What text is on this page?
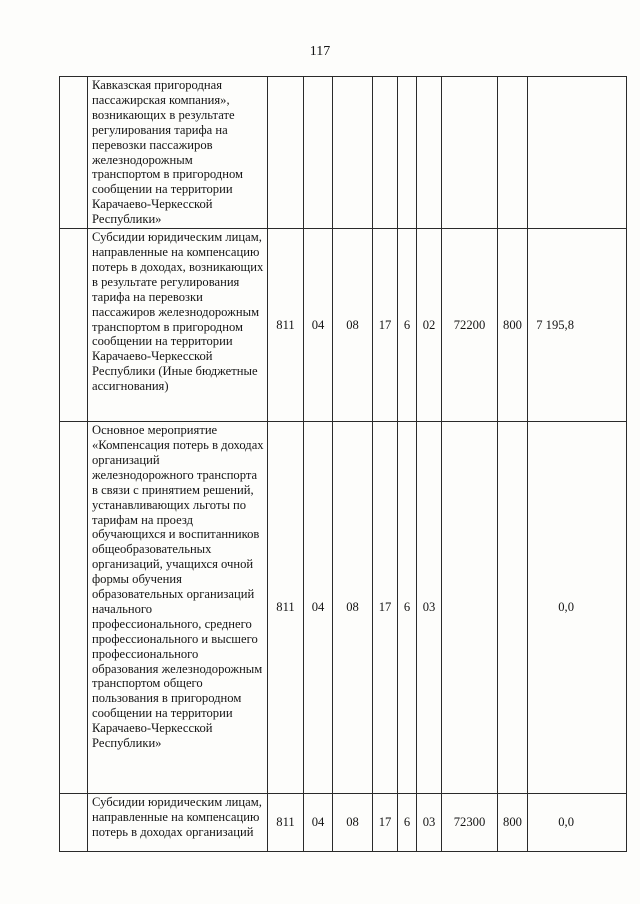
117
	Кавказская пригородная пассажирская компания», возникающих в результате регулирования тарифа на перевозки пассажиров железнодорожным транспортом в пригородном сообщении на территории Карачаево-Черкесской Республики»									
	Субсидии юридическим лицам, направленные на компенсацию потерь в доходах, возникающих в результате регулирования тарифа на перевозки пассажиров железнодорожным транспортом в пригородном сообщении на территории Карачаево-Черкесской Республики (Иные бюджетные ассигнования)	811	04	08	17	6	02	72200	800	7 195,8
	Основное мероприятие «Компенсация потерь в доходах организаций железнодорожного транспорта в связи с принятием решений, устанавливающих льготы по тарифам на проезд обучающихся и воспитанников общеобразовательных организаций, учащихся очной формы обучения образовательных организаций начального профессионального, среднего профессионального и высшего профессионального образования железнодорожным транспортом общего пользования в пригородном сообщении на территории Карачаево-Черкесской Республики»	811	04	08	17	6	03			0,0
	Субсидии юридическим лицам, направленные на компенсацию потерь в доходах организаций	811	04	08	17	6	03	72300	800	0,0
